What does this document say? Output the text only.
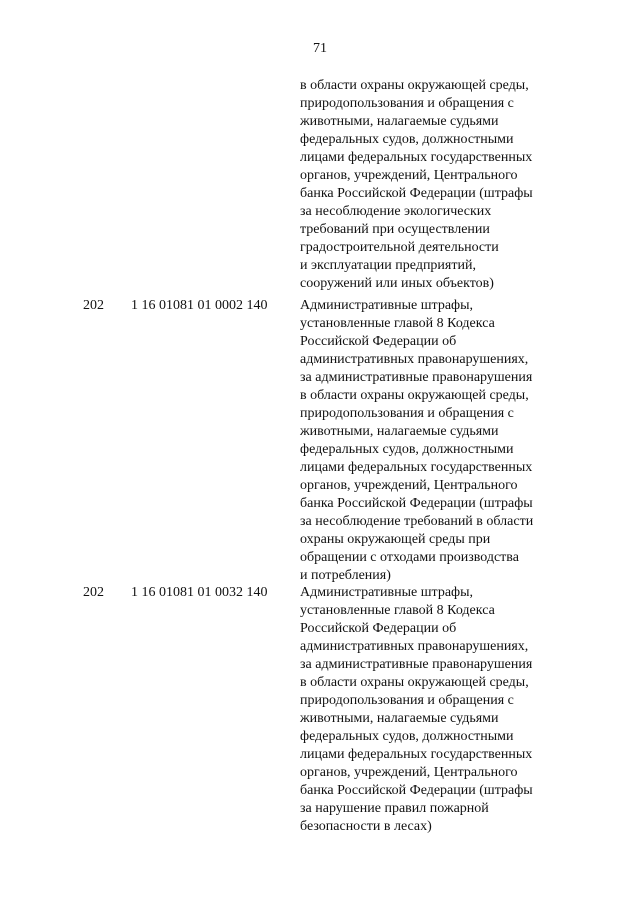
71
в области охраны окружающей среды,
природопользования и обращения с
животными, налагаемые судьями
федеральных судов, должностными
лицами федеральных государственных
органов, учреждений, Центрального
банка Российской Федерации (штрафы
за несоблюдение экологических
требований при осуществлении
градостроительной деятельности
и эксплуатации предприятий,
сооружений или иных объектов)
202 1 16 01081 01 0002 140 Административные штрафы,
установленные главой 8 Кодекса
Российской Федерации об
административных правонарушениях,
за административные правонарушения
в области охраны окружающей среды,
природопользования и обращения с
животными, налагаемые судьями
федеральных судов, должностными
лицами федеральных государственных
органов, учреждений, Центрального
банка Российской Федерации (штрафы
за несоблюдение требований в области
охраны окружающей среды при
обращении с отходами производства
и потребления)
202 1 16 01081 01 0032 140 Административные штрафы,
установленные главой 8 Кодекса
Российской Федерации об
административных правонарушениях,
за административные правонарушения
в области охраны окружающей среды,
природопользования и обращения с
животными, налагаемые судьями
федеральных судов, должностными
лицами федеральных государственных
органов, учреждений, Центрального
банка Российской Федерации (штрафы
за нарушение правил пожарной
безопасности в лесах)
